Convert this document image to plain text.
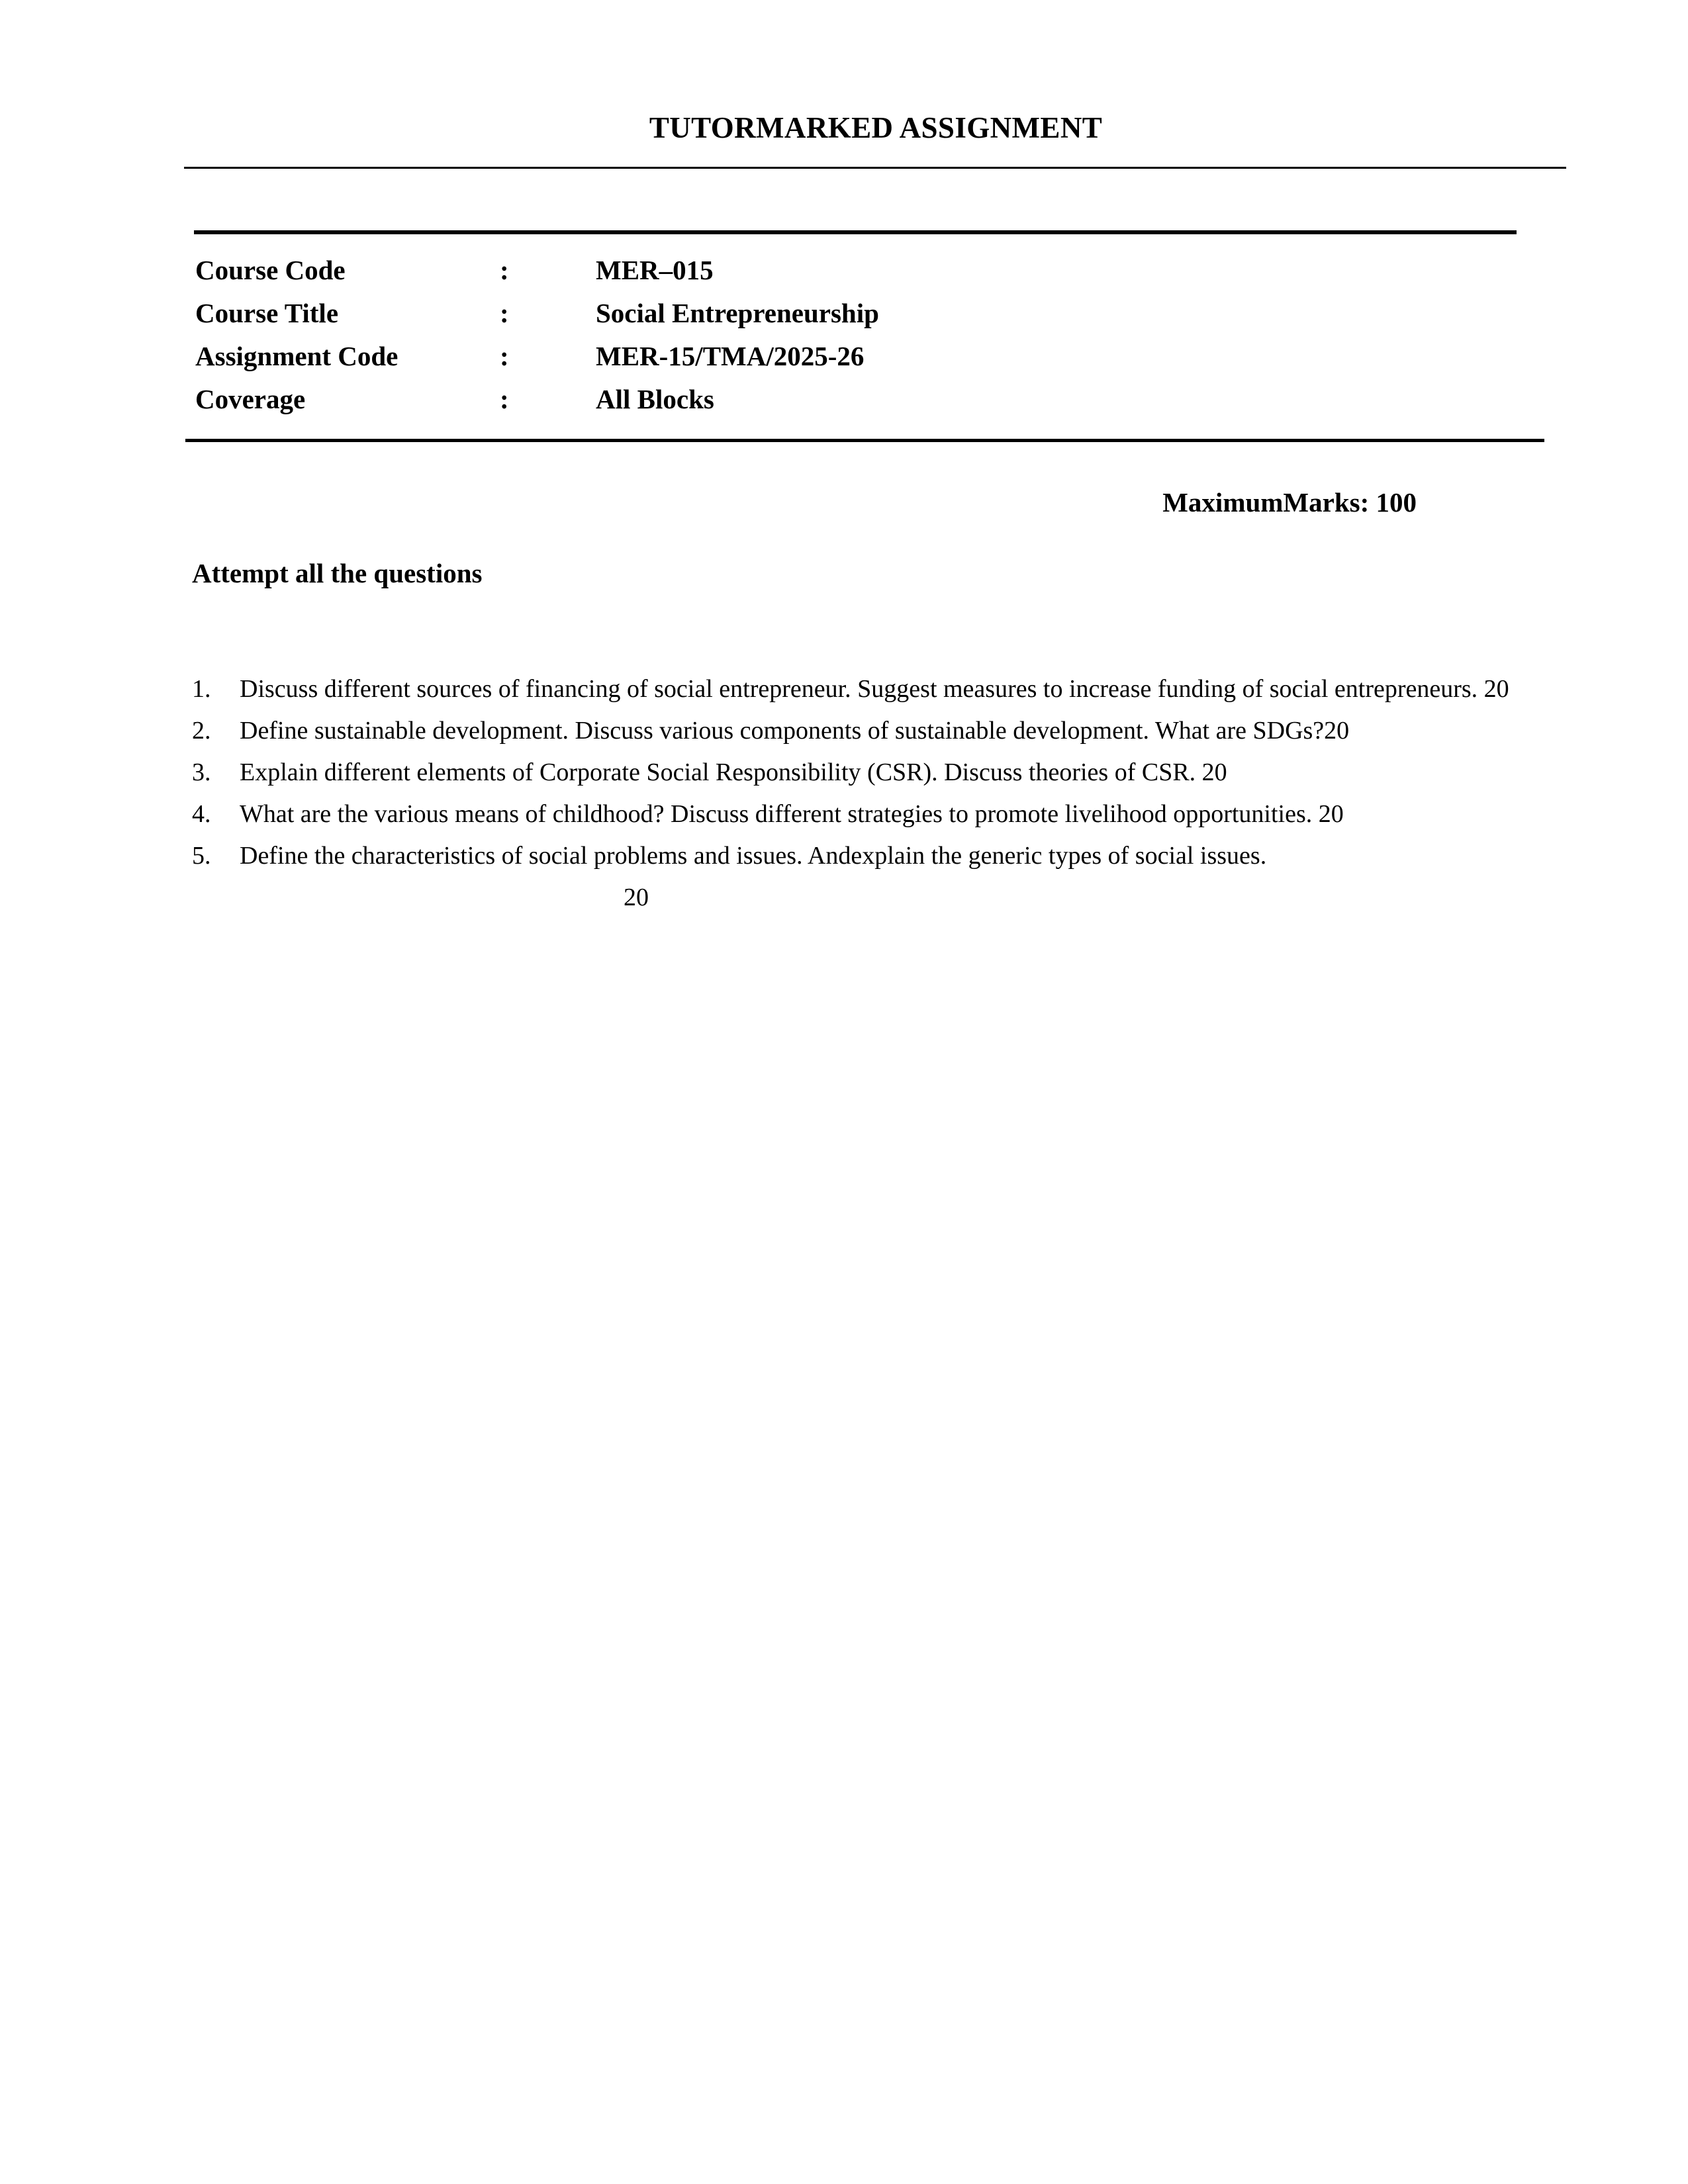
TUTORMARKED ASSIGNMENT
Course Code	:	MER–015
Course Title	:	Social Entrepreneurship
Assignment Code	:	MER-15/TMA/2025-26
Coverage	:	All Blocks
MaximumMarks: 100
Attempt all the questions
1.	Discuss different sources of financing of social entrepreneur. Suggest measures to increase funding of social entrepreneurs. 20
2.	Define sustainable development. Discuss various components of sustainable development. What are SDGs?20
3.	Explain different elements of Corporate Social Responsibility (CSR). Discuss theories of CSR. 20
4.	What are the various means of childhood? Discuss different strategies to promote livelihood opportunities. 20
5.	Define the characteristics of social problems and issues. Andexplain the generic types of social issues.20
